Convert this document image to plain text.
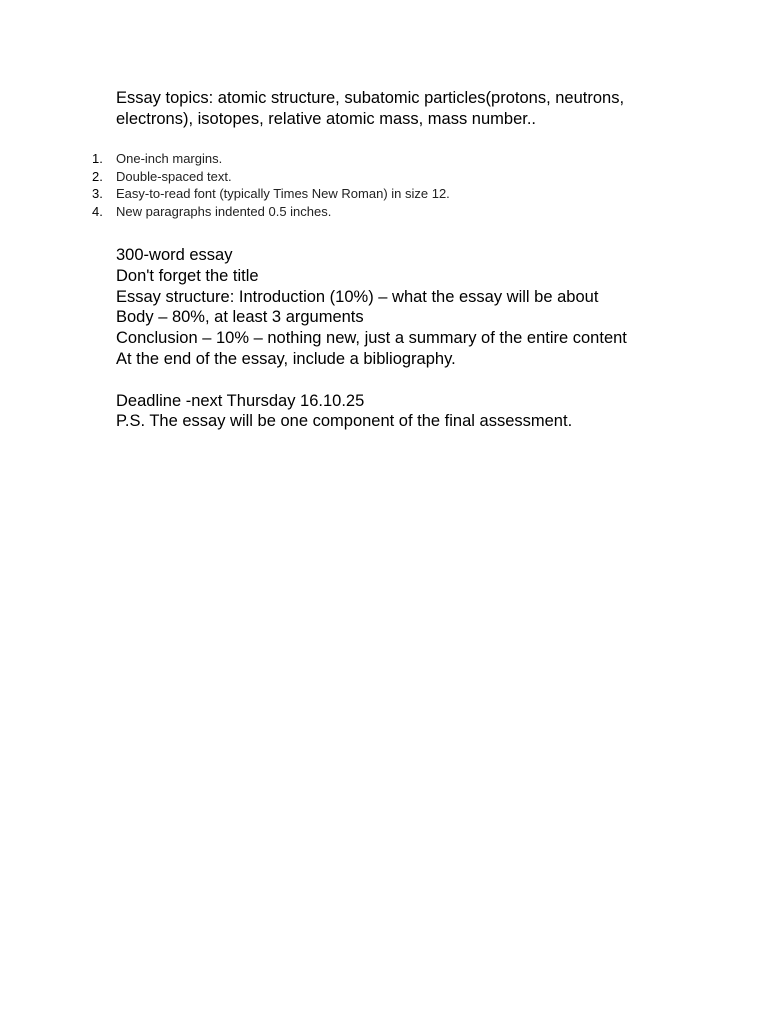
Essay topics: atomic structure, subatomic particles(protons, neutrons, electrons), isotopes, relative atomic mass, mass number..
1.	One-inch margins.
2.	Double-spaced text.
3.	Easy-to-read font (typically Times New Roman) in size 12.
4.	New paragraphs indented 0.5 inches.
300-word essay
Don't forget the title
Essay structure: Introduction (10%) – what the essay will be about
Body – 80%, at least 3 arguments
Conclusion – 10% – nothing new, just a summary of the entire content
At the end of the essay, include a bibliography.
Deadline -next Thursday 16.10.25
P.S. The essay will be one component of the final assessment.
